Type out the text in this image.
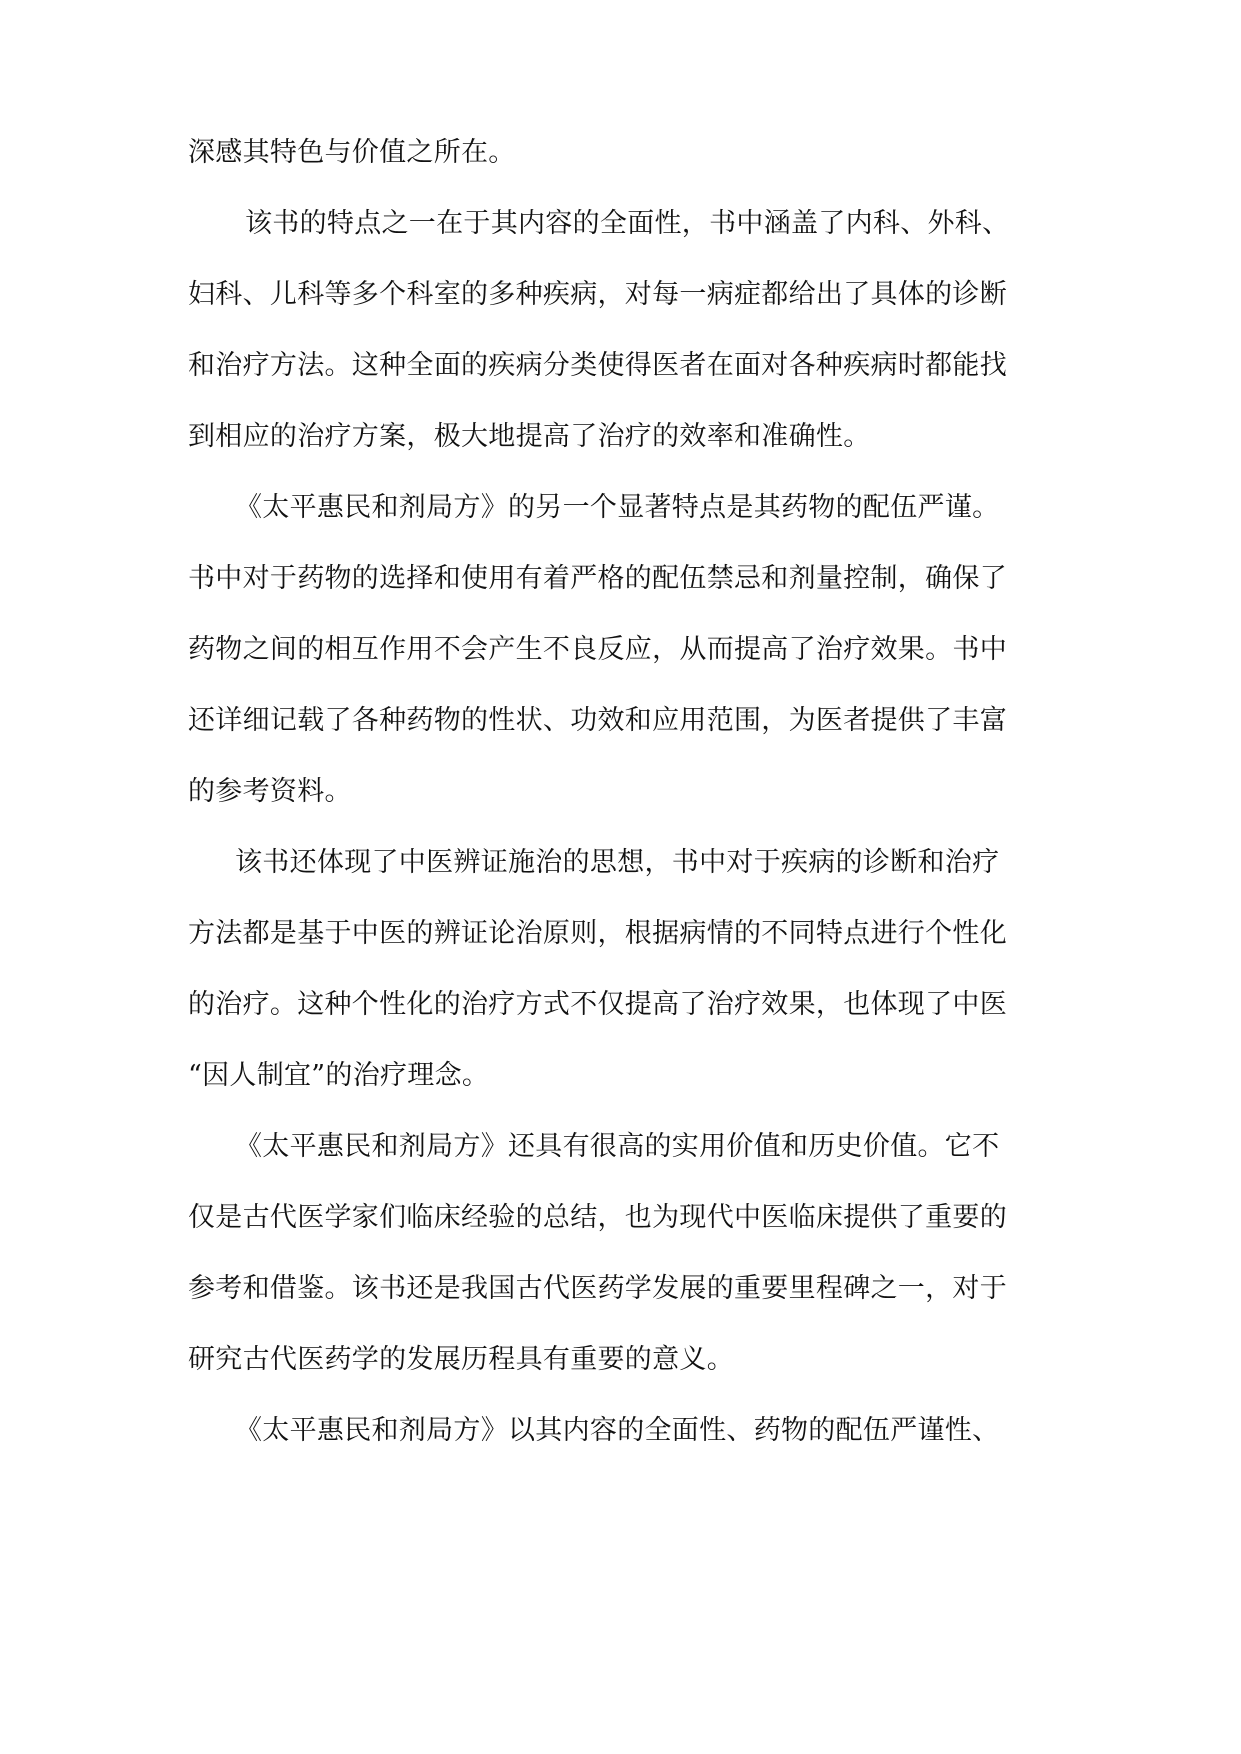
深感其特色与价值之所在。
该书的特点之一在于其内容的全面性，书中涵盖了内科、外科、
妇科、儿科等多个科室的多种疾病，对每一病症都给出了具体的诊断
和治疗方法。这种全面的疾病分类使得医者在面对各种疾病时都能找
到相应的治疗方案，极大地提高了治疗的效率和准确性。
《太平惠民和剂局方》的另一个显著特点是其药物的配伍严谨。
书中对于药物的选择和使用有着严格的配伍禁忌和剂量控制，确保了
药物之间的相互作用不会产生不良反应，从而提高了治疗效果。书中
还详细记载了各种药物的性状、功效和应用范围，为医者提供了丰富
的参考资料。
该书还体现了中医辨证施治的思想，书中对于疾病的诊断和治疗
方法都是基于中医的辨证论治原则，根据病情的不同特点进行个性化
的治疗。这种个性化的治疗方式不仅提高了治疗效果，也体现了中医
“因人制宜”的治疗理念。
《太平惠民和剂局方》还具有很高的实用价值和历史价值。它不
仅是古代医学家们临床经验的总结，也为现代中医临床提供了重要的
参考和借鉴。该书还是我国古代医药学发展的重要里程碑之一，对于
研究古代医药学的发展历程具有重要的意义。
《太平惠民和剂局方》以其内容的全面性、药物的配伍严谨性、
